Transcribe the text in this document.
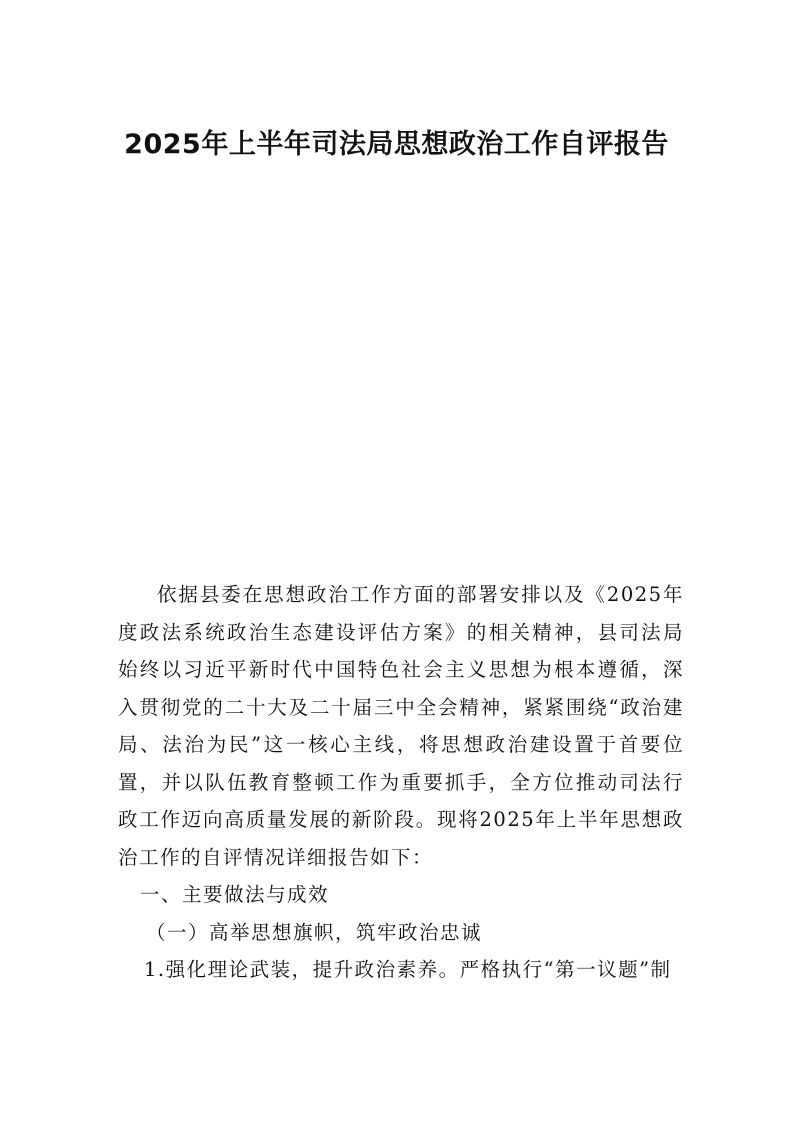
2025年上半年司法局思想政治工作自评报告

依据县委在思想政治工作方面的部署安排以及《2025年度政法系统政治生态建设评估方案》的相关精神，县司法局始终以习近平新时代中国特色社会主义思想为根本遵循，深入贯彻党的二十大及二十届三中全会精神，紧紧围绕“政治建局、法治为民”这一核心主线，将思想政治建设置于首要位置，并以队伍教育整顿工作为重要抓手，全方位推动司法行政工作迈向高质量发展的新阶段。现将2025年上半年思想政治工作的自评情况详细报告如下：

一、主要做法与成效

（一）高举思想旗帜，筑牢政治忠诚

1.强化理论武装，提升政治素养。严格执行“第一议题”制
